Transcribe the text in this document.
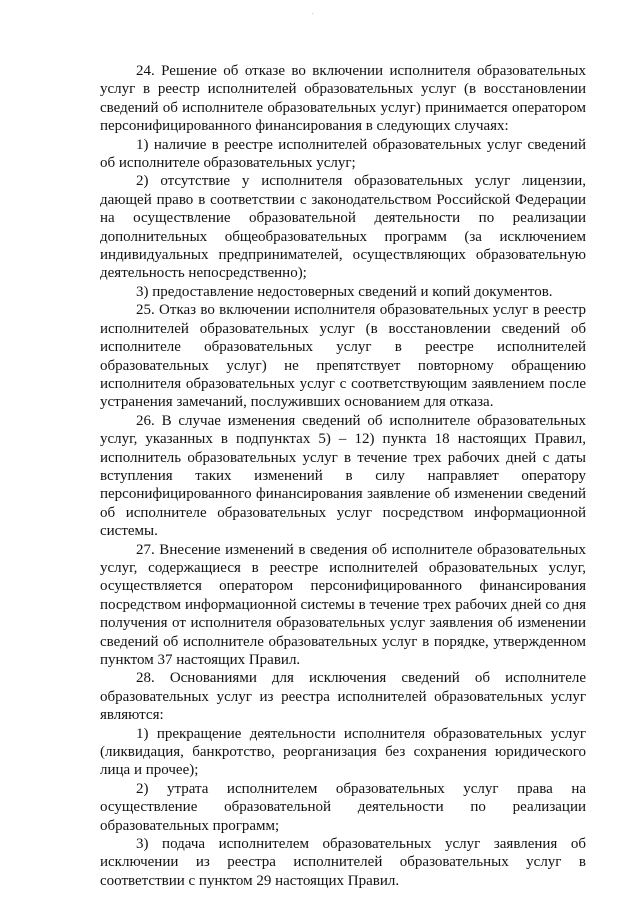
.

24. Решение об отказе во включении исполнителя образовательных услуг в реестр исполнителей образовательных услуг (в восстановлении сведений об исполнителе образовательных услуг) принимается оператором персонифицированного финансирования в следующих случаях:

1) наличие в реестре исполнителей образовательных услуг сведений об исполнителе образовательных услуг;

2) отсутствие у исполнителя образовательных услуг лицензии, дающей право в соответствии с законодательством Российской Федерации на осуществление образовательной деятельности по реализации дополнительных общеобразовательных программ (за исключением индивидуальных предпринимателей, осуществляющих образовательную деятельность непосредственно);

3) предоставление недостоверных сведений и копий документов.

25. Отказ во включении исполнителя образовательных услуг в реестр исполнителей образовательных услуг (в восстановлении сведений об исполнителе образовательных услуг в реестре исполнителей образовательных услуг) не препятствует повторному обращению исполнителя образовательных услуг с соответствующим заявлением после устранения замечаний, послуживших основанием для отказа.

26. В случае изменения сведений об исполнителе образовательных услуг, указанных в подпунктах 5) – 12) пункта 18 настоящих Правил, исполнитель образовательных услуг в течение трех рабочих дней с даты вступления таких изменений в силу направляет оператору персонифицированного финансирования заявление об изменении сведений об исполнителе образовательных услуг посредством информационной системы.

27. Внесение изменений в сведения об исполнителе образовательных услуг, содержащиеся в реестре исполнителей образовательных услуг, осуществляется оператором персонифицированного финансирования посредством информационной системы в течение трех рабочих дней со дня получения от исполнителя образовательных услуг заявления об изменении сведений об исполнителе образовательных услуг в порядке, утвержденном пунктом 37 настоящих Правил.

28. Основаниями для исключения сведений об исполнителе образовательных услуг из реестра исполнителей образовательных услуг являются:

1) прекращение деятельности исполнителя образовательных услуг (ликвидация, банкротство, реорганизация без сохранения юридического лица и прочее);

2) утрата исполнителем образовательных услуг права на осуществление образовательной деятельности по реализации образовательных программ;

3) подача исполнителем образовательных услуг заявления об исключении из реестра исполнителей образовательных услуг в соответствии с пунктом 29 настоящих Правил.
